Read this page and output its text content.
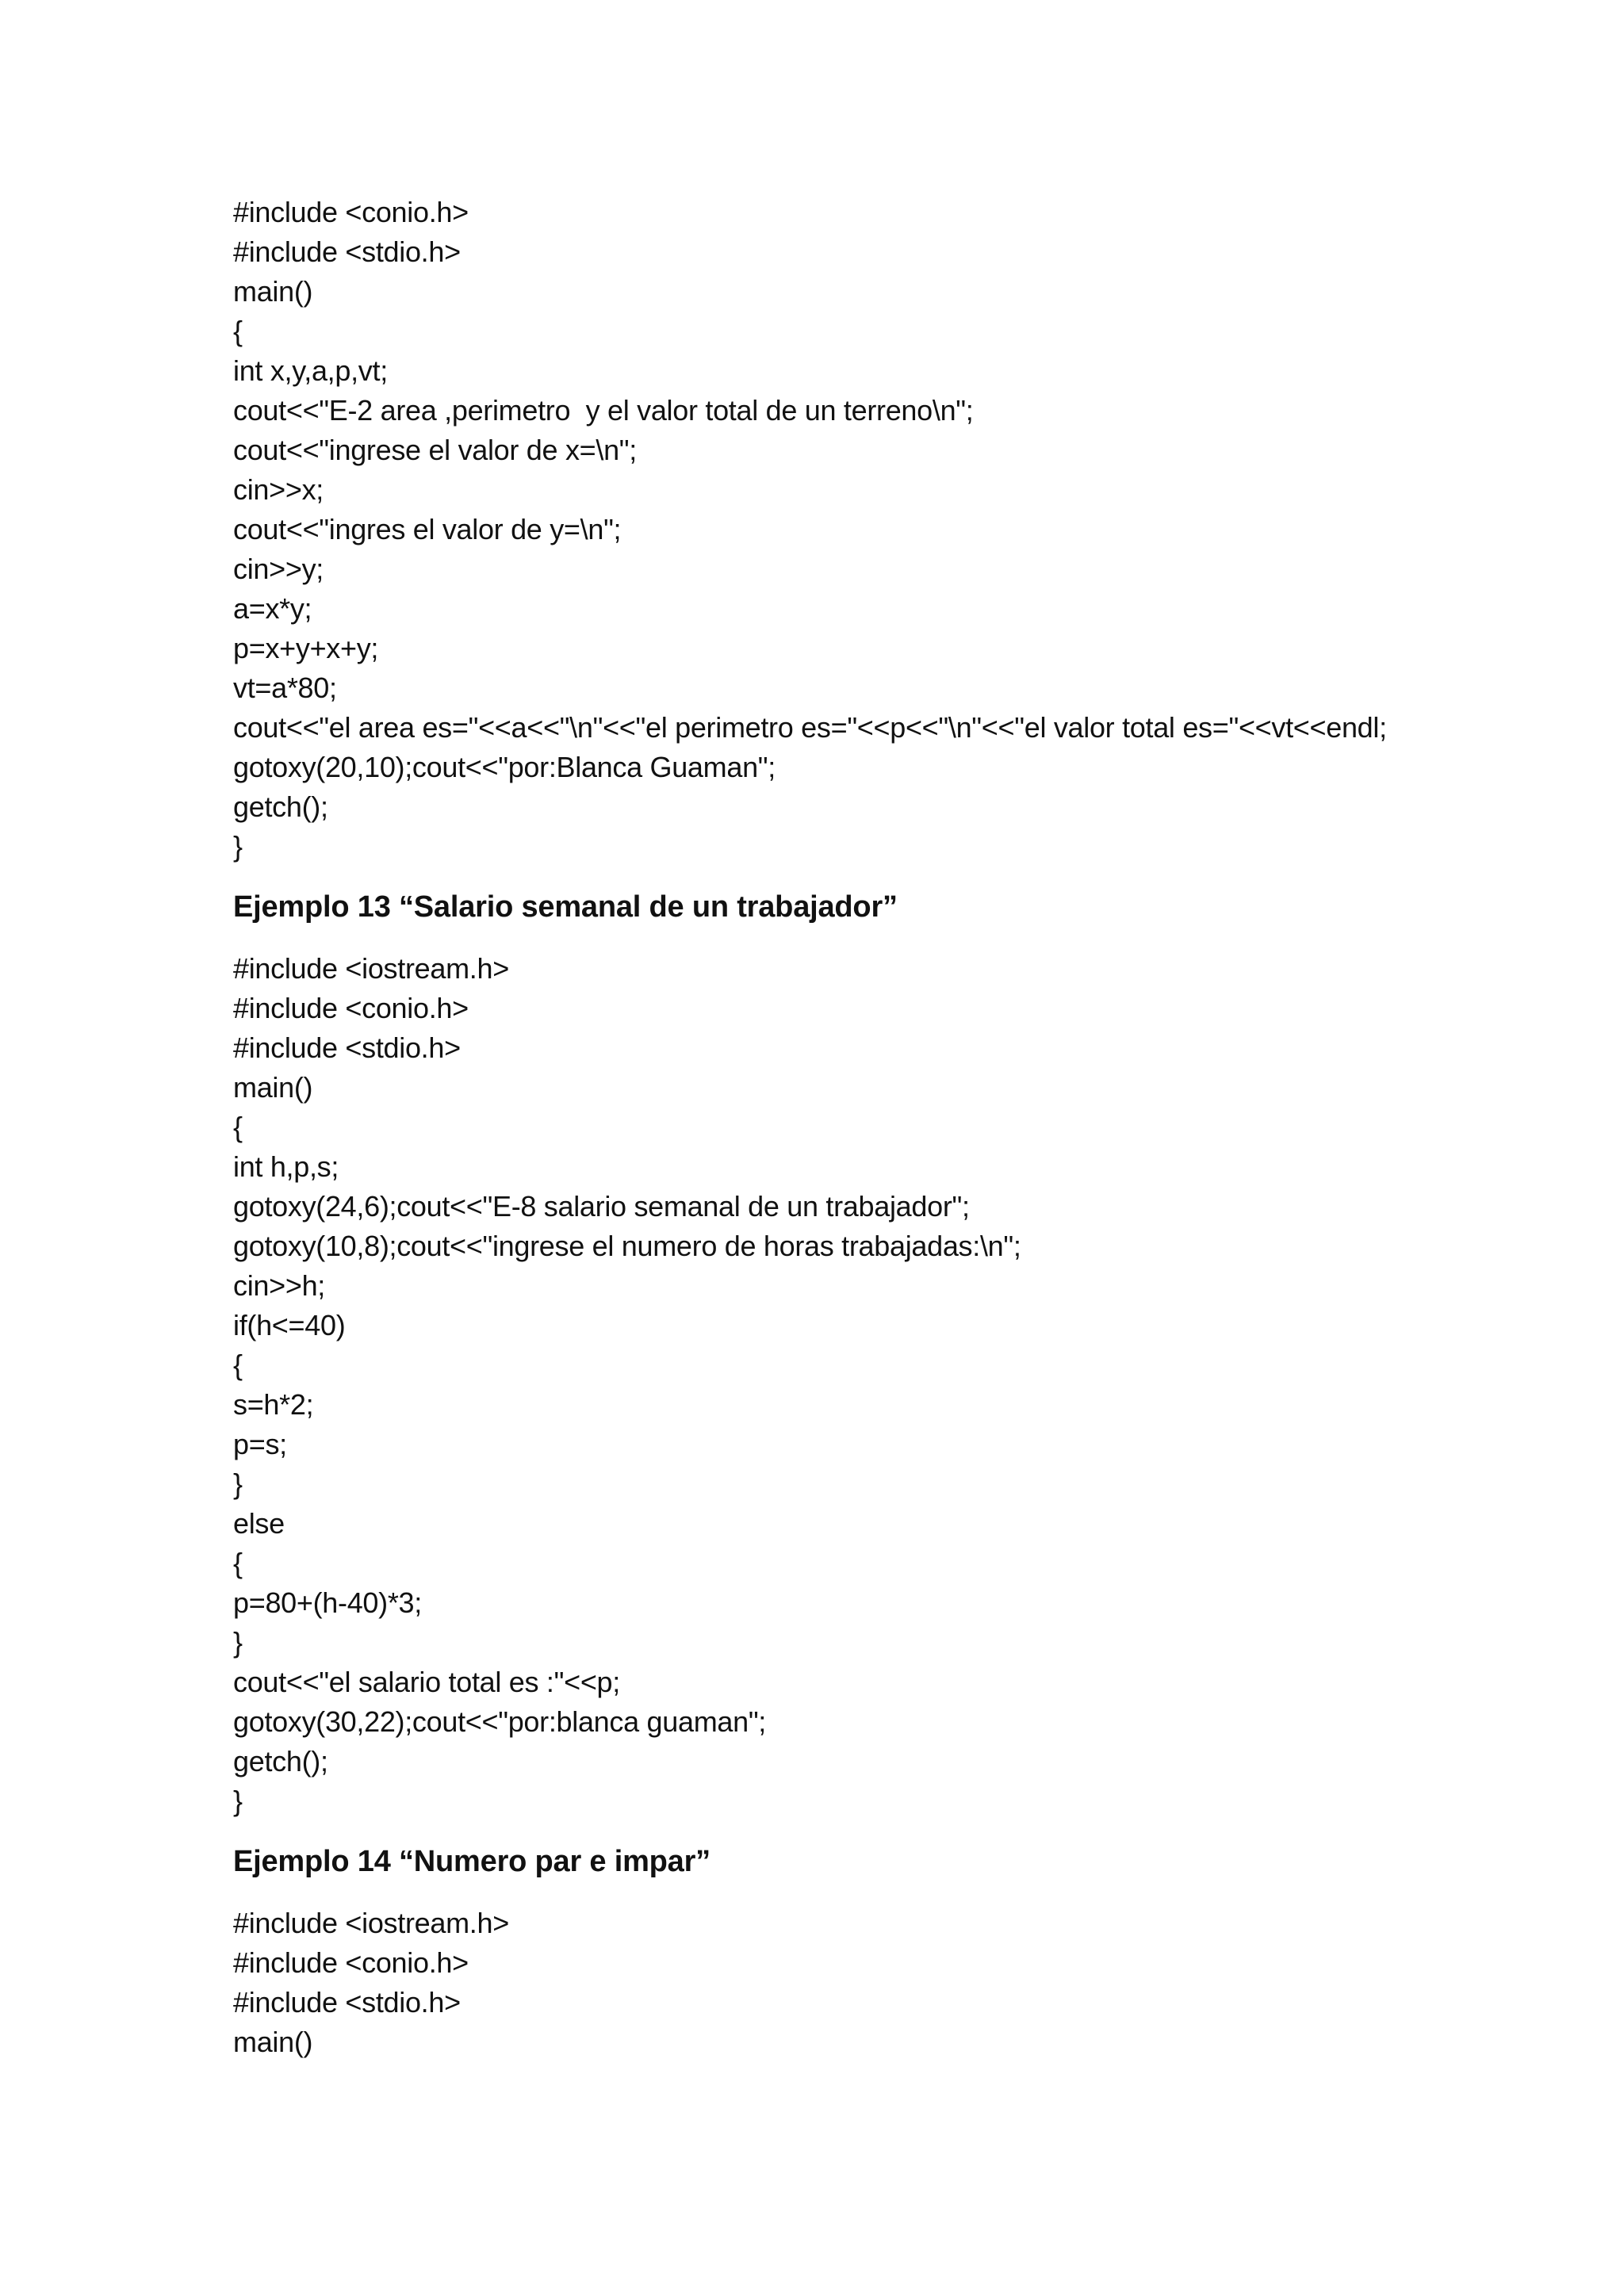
#include <conio.h>
#include <stdio.h>
main()
{
int x,y,a,p,vt;
cout<<"E-2 area ,perimetro  y el valor total de un terreno\n";
cout<<"ingrese el valor de x=\n";
cin>>x;
cout<<"ingres el valor de y=\n";
cin>>y;
a=x*y;
p=x+y+x+y;
vt=a*80;
cout<<"el area es="<<a<<"\n"<<"el perimetro es="<<p<<"\n"<<"el valor total es="<<vt<<endl;
gotoxy(20,10);cout<<"por:Blanca Guaman";
getch();
}
Ejemplo 13 “Salario semanal de un trabajador”
#include <iostream.h>
#include <conio.h>
#include <stdio.h>
main()
{
int h,p,s;
gotoxy(24,6);cout<<"E-8 salario semanal de un trabajador";
gotoxy(10,8);cout<<"ingrese el numero de horas trabajadas:\n";
cin>>h;
if(h<=40)
{
s=h*2;
p=s;
}
else
{
p=80+(h-40)*3;
}
cout<<"el salario total es :"<<p;
gotoxy(30,22);cout<<"por:blanca guaman";
getch();
}
Ejemplo 14 “Numero par e impar”
#include <iostream.h>
#include <conio.h>
#include <stdio.h>
main()
